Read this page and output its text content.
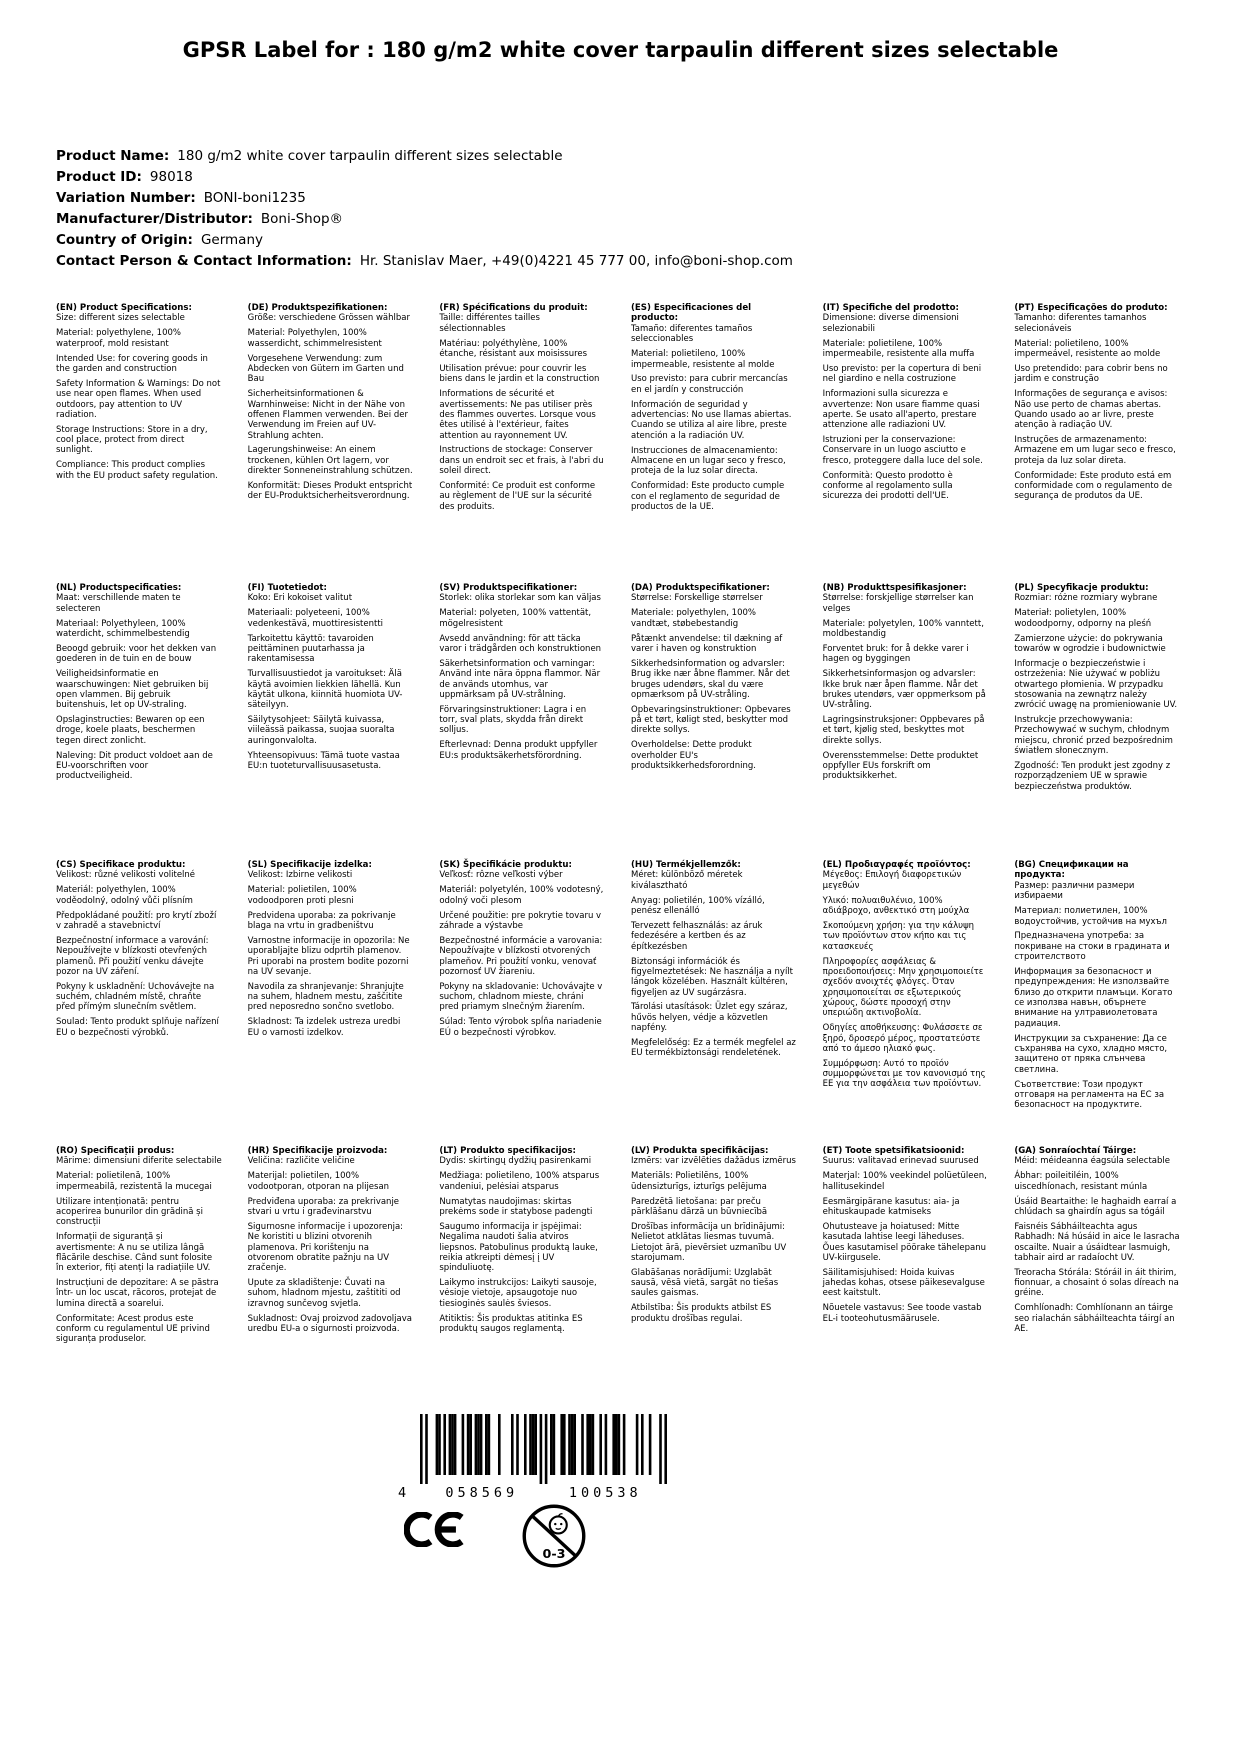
GPSR Label for : 180 g/m2 white cover tarpaulin different sizes selectable
Product Name: 180 g/m2 white cover tarpaulin different sizes selectable
Product ID: 98018
Variation Number: BONI-boni1235
Manufacturer/Distributor: Boni-Shop®
Country of Origin: Germany
Contact Person & Contact Information: Hr. Stanislav Maer, +49(0)4221 45 777 00, info@boni-shop.com
(EN) Product Specifications:

Size: different sizes selectable

Material: polyethylene, 100% waterproof, mold resistant

Intended Use: for covering goods in the garden and construction

Safety Information & Warnings: Do not use near open flames. When used outdoors, pay attention to UV radiation.

Storage Instructions: Store in a dry, cool place, protect from direct sunlight.

Compliance: This product complies with the EU product safety regulation.

(DE) Produktspezifikationen:

Größe: verschiedene Grössen wählbar

Material: Polyethylen, 100% wasserdicht, schimmelresistent

Vorgesehene Verwendung: zum Abdecken von Gütern im Garten und Bau

Sicherheitsinformationen & Warnhinweise: Nicht in der Nähe von offenen Flammen verwenden. Bei der Verwendung im Freien auf UV-Strahlung achten.

Lagerungshinweise: An einem trockenen, kühlen Ort lagern, vor direkter Sonneneinstrahlung schützen.

Konformität: Dieses Produkt entspricht der EU-Produktsicherheitsverordnung.

(FR) Spécifications du produit:

Taille: différentes tailles sélectionnables

Matériau: polyéthylène, 100% étanche, résistant aux moisissures

Utilisation prévue: pour couvrir les biens dans le jardin et la construction

Informations de sécurité et avertissements: Ne pas utiliser près des flammes ouvertes. Lorsque vous êtes utilisé à l'extérieur, faites attention au rayonnement UV.

Instructions de stockage: Conserver dans un endroit sec et frais, à l'abri du soleil direct.

Conformité: Ce produit est conforme au règlement de l'UE sur la sécurité des produits.

(ES) Especificaciones del producto:

Tamaño: diferentes tamaños seleccionables

Material: polietileno, 100% impermeable, resistente al molde

Uso previsto: para cubrir mercancías en el jardín y construcción

Información de seguridad y advertencias: No use llamas abiertas. Cuando se utiliza al aire libre, preste atención a la radiación UV.

Instrucciones de almacenamiento: Almacene en un lugar seco y fresco, proteja de la luz solar directa.

Conformidad: Este producto cumple con el reglamento de seguridad de productos de la UE.

(IT) Specifiche del prodotto:

Dimensione: diverse dimensioni selezionabili

Materiale: polietilene, 100% impermeabile, resistente alla muffa

Uso previsto: per la copertura di beni nel giardino e nella costruzione

Informazioni sulla sicurezza e avvertenze: Non usare fiamme quasi aperte. Se usato all'aperto, prestare attenzione alle radiazioni UV.

Istruzioni per la conservazione: Conservare in un luogo asciutto e fresco, proteggere dalla luce del sole.

Conformità: Questo prodotto è conforme al regolamento sulla sicurezza dei prodotti dell'UE.

(PT) Especificações do produto:

Tamanho: diferentes tamanhos selecionáveis

Material: polietileno, 100% impermeável, resistente ao molde

Uso pretendido: para cobrir bens no jardim e construção

Informações de segurança e avisos: Não use perto de chamas abertas. Quando usado ao ar livre, preste atenção à radiação UV.

Instruções de armazenamento: Armazene em um lugar seco e fresco, proteja da luz solar direta.

Conformidade: Este produto está em conformidade com o regulamento de segurança de produtos da UE.

(NL) Productspecificaties:

Maat: verschillende maten te selecteren

Materiaal: Polyethyleen, 100% waterdicht, schimmelbestendig

Beoogd gebruik: voor het dekken van goederen in de tuin en de bouw

Veiligheidsinformatie en waarschuwingen: Niet gebruiken bij open vlammen. Bij gebruik buitenshuis, let op UV-straling.

Opslaginstructies: Bewaren op een droge, koele plaats, beschermen tegen direct zonlicht.

Naleving: Dit product voldoet aan de EU-voorschriften voor productveiligheid.

(FI) Tuotetiedot:

Koko: Eri kokoiset valitut

Materiaali: polyeteeni, 100% vedenkestävä, muottiresistentti

Tarkoitettu käyttö: tavaroiden peittäminen puutarhassa ja rakentamisessa

Turvallisuustiedot ja varoitukset: Älä käytä avoimien liekkien lähellä. Kun käytät ulkona, kiinnitä huomiota UV-säteilyyn.

Säilytysohjeet: Säilytä kuivassa, viileässä paikassa, suojaa suoralta auringonvalolta.

Yhteensopivuus: Tämä tuote vastaa EU:n tuoteturvallisuusasetusta.

(SV) Produktspecifikationer:

Storlek: olika storlekar som kan väljas

Material: polyeten, 100% vattentät, mögelresistent

Avsedd användning: för att täcka varor i trädgården och konstruktionen

Säkerhetsinformation och varningar: Använd inte nära öppna flammor. När de används utomhus, var uppmärksam på UV-strålning.

Förvaringsinstruktioner: Lagra i en torr, sval plats, skydda från direkt solljus.

Efterlevnad: Denna produkt uppfyller EU:s produktsäkerhetsförordning.

(DA) Produktspecifikationer:

Størrelse: Forskellige størrelser

Materiale: polyethylen, 100% vandtæt, støbebestandig

Påtænkt anvendelse: til dækning af varer i haven og konstruktion

Sikkerhedsinformation og advarsler: Brug ikke nær åbne flammer. Når det bruges udendørs, skal du være opmærksom på UV-stråling.

Opbevaringsinstruktioner: Opbevares på et tørt, køligt sted, beskytter mod direkte sollys.

Overholdelse: Dette produkt overholder EU's produktsikkerhedsforordning.

(NB) Produkttspesifikasjoner:

Størrelse: forskjellige størrelser kan velges

Materiale: polyetylen, 100% vanntett, moldbestandig

Forventet bruk: for å dekke varer i hagen og byggingen

Sikkerhetsinformasjon og advarsler: Ikke bruk nær åpen flamme. Når det brukes utendørs, vær oppmerksom på UV-stråling.

Lagringsinstruksjoner: Oppbevares på et tørt, kjølig sted, beskyttes mot direkte sollys.

Overensstemmelse: Dette produktet oppfyller EUs forskrift om produktsikkerhet.

(PL) Specyfikacje produktu:

Rozmiar: różne rozmiary wybrane

Materiał: polietylen, 100% wodoodporny, odporny na pleśń

Zamierzone użycie: do pokrywania towarów w ogrodzie i budownictwie

Informacje o bezpieczeństwie i ostrzeżenia: Nie używać w pobliżu otwartego płomienia. W przypadku stosowania na zewnątrz należy zwrócić uwagę na promieniowanie UV.

Instrukcje przechowywania: Przechowywać w suchym, chłodnym miejscu, chronić przed bezpośrednim światłem słonecznym.

Zgodność: Ten produkt jest zgodny z rozporządzeniem UE w sprawie bezpieczeństwa produktów.

(CS) Specifikace produktu:

Velikost: různé velikosti volitelné

Materiál: polyethylen, 100% voděodolný, odolný vůči plísním

Předpokládané použití: pro krytí zboží v zahradě a stavebnictví

Bezpečnostní informace a varování: Nepoužívejte v blízkosti otevřených plamenů. Při použití venku dávejte pozor na UV záření.

Pokyny k uskladnění: Uchovávejte na suchém, chladném místě, chraňte před přímým slunečním světlem.

Soulad: Tento produkt splňuje nařízení EU o bezpečnosti výrobků.

(SL) Specifikacije izdelka:

Velikost: Izbirne velikosti

Material: polietilen, 100% vodoodporen proti plesni

Predvidena uporaba: za pokrivanje blaga na vrtu in gradbeništvu

Varnostne informacije in opozorila: Ne uporabljajte blizu odprtih plamenov. Pri uporabi na prostem bodite pozorni na UV sevanje.

Navodila za shranjevanje: Shranjujte na suhem, hladnem mestu, zaščitite pred neposredno sončno svetlobo.

Skladnost: Ta izdelek ustreza uredbi EU o varnosti izdelkov.

(SK) Špecifikácie produktu:

Veľkosť: rôzne veľkosti výber

Materiál: polyetylén, 100% vodotesný, odolný voči plesom

Určené použitie: pre pokrytie tovaru v záhrade a výstavbe

Bezpečnostné informácie a varovania: Nepoužívajte v blízkosti otvorených plameňov. Pri použití vonku, venovať pozornosť UV žiareniu.

Pokyny na skladovanie: Uchovávajte v suchom, chladnom mieste, chráni pred priamym slnečným žiarením.

Súlad: Tento výrobok spĺňa nariadenie EÚ o bezpečnosti výrobkov.

(HU) Termékjellemzők:

Méret: különböző méretek kiválasztható

Anyag: polietilén, 100% vízálló, penész ellenálló

Tervezett felhasználás: az áruk fedezésére a kertben és az építkezésben

Biztonsági információk és figyelmeztetések: Ne használja a nyílt lángok közelében. Használt kültéren, figyeljen az UV sugárzásra.

Tárolási utasítások: Üzlet egy száraz, hűvös helyen, védje a közvetlen napfény.

Megfelelőség: Ez a termék megfelel az EU termékbiztonsági rendeletének.

(EL) Προδιαγραφές προϊόντος:

Μέγεθος: Επιλογή διαφορετικών μεγεθών

Υλικό: πολυαιθυλένιο, 100% αδιάβροχο, ανθεκτικό στη μούχλα

Σκοπούμενη χρήση: για την κάλυψη των προϊόντων στον κήπο και τις κατασκευές

Πληροφορίες ασφάλειας & προειδοποιήσεις: Μην χρησιμοποιείτε σχεδόν ανοιχτές φλόγες. Όταν χρησιμοποιείται σε εξωτερικούς χώρους, δώστε προσοχή στην υπεριώδη ακτινοβολία.

Οδηγίες αποθήκευσης: Φυλάσσετε σε ξηρό, δροσερό μέρος, προστατεύστε από το άμεσο ηλιακό φως.

Συμμόρφωση: Αυτό το προϊόν συμμορφώνεται με τον κανονισμό της ΕΕ για την ασφάλεια των προϊόντων.

(BG) Спецификации на продукта:

Размер: различни размери избираеми

Материал: полиетилен, 100% водоустойчив, устойчив на мухъл

Предназначена употреба: за покриване на стоки в градината и строителството

Информация за безопасност и предупреждения: Не използвайте близо до открити пламъци. Когато се използва навън, обърнете внимание на ултравиолетовата радиация.

Инструкции за съхранение: Да се съхранява на сухо, хладно място, защитено от пряка слънчева светлина.

Съответствие: Този продукт отговаря на регламента на ЕС за безопасност на продуктите.

(RO) Specificații produs:

Mărime: dimensiuni diferite selectabile

Material: polietilenă, 100% impermeabilă, rezistentă la mucegai

Utilizare intenționată: pentru acoperirea bunurilor din grădină și construcții

Informații de siguranță și avertismente: A nu se utiliza lângă flăcările deschise. Când sunt folosite în exterior, fiți atenți la radiațiile UV.

Instrucțiuni de depozitare: A se păstra într- un loc uscat, răcoros, protejat de lumina directă a soarelui.

Conformitate: Acest produs este conform cu regulamentul UE privind siguranța produselor.

(HR) Specifikacije proizvoda:

Veličina: različite veličine

Materijal: polietilen, 100% vodootporan, otporan na plijesan

Predviđena uporaba: za prekrivanje stvari u vrtu i građevinarstvu

Sigurnosne informacije i upozorenja: Ne koristiti u blizini otvorenih plamenova. Pri korištenju na otvorenom obratite pažnju na UV zračenje.

Upute za skladištenje: Čuvati na suhom, hladnom mjestu, zaštititi od izravnog sunčevog svjetla.

Sukladnost: Ovaj proizvod zadovoljava uredbu EU-a o sigurnosti proizvoda.

(LT) Produkto specifikacijos:

Dydis: skirtingų dydžių pasirenkami

Medžiaga: polietileno, 100% atsparus vandeniui, pelėsiai atsparus

Numatytas naudojimas: skirtas prekėms sode ir statybose padengti

Saugumo informacija ir įspėjimai: Negalima naudoti šalia atviros liepsnos. Patobulinus produktą lauke, reikia atkreipti dėmesį į UV spinduliuotę.

Laikymo instrukcijos: Laikyti sausoje, vėsioje vietoje, apsaugotoje nuo tiesioginės saulės šviesos.

Atitiktis: Šis produktas atitinka ES produktų saugos reglamentą.

(LV) Produkta specifikācijas:

Izmērs: var izvēlēties dažādus izmērus

Materiāls: Polietilēns, 100% ūdensizturīgs, izturīgs pelējuma

Paredzētā lietošana: par preču pārklāšanu dārzā un būvniecībā

Drošības informācija un brīdinājumi: Nelietot atklātas liesmas tuvumā. Lietojot ārā, pievērsiet uzmanību UV starojumam.

Glabāšanas norādījumi: Uzglabāt sausā, vēsā vietā, sargāt no tiešas saules gaismas.

Atbilstība: Šis produkts atbilst ES produktu drošības regulai.

(ET) Toote spetsifikatsioonid:

Suurus: valitavad erinevad suurused

Materjal: 100% veekindel polüetüleen, hallitusekindel

Eesmärgipärane kasutus: aia- ja ehituskaupade katmiseks

Ohutusteave ja hoiatused: Mitte kasutada lahtise leegi läheduses. Õues kasutamisel pöörake tähelepanu UV-kiirgusele.

Säilitamisjuhised: Hoida kuivas jahedas kohas, otsese päikesevalguse eest kaitstult.

Nõuetele vastavus: See toode vastab EL-i tooteohutusmäärusele.

(GA) Sonraíochtaí Táirge:

Méid: méideanna éagsúla selectable

Ábhar: poileitiléin, 100% uiscedhíonach, resistant múnla

Úsáid Beartaithe: le haghaidh earraí a chlúdach sa ghairdín agus sa tógáil

Faisnéis Sábháilteachta agus Rabhadh: Ná húsáid in aice le lasracha oscailte. Nuair a úsáidtear lasmuigh, tabhair aird ar radaíocht UV.

Treoracha Stórála: Stóráil in áit thirim, fionnuar, a chosaint ó solas díreach na gréine.

Comhlíonadh: Comhlíonann an táirge seo rialachán sábháilteachta táirgí an AE.

4	058569	100538
0-3
